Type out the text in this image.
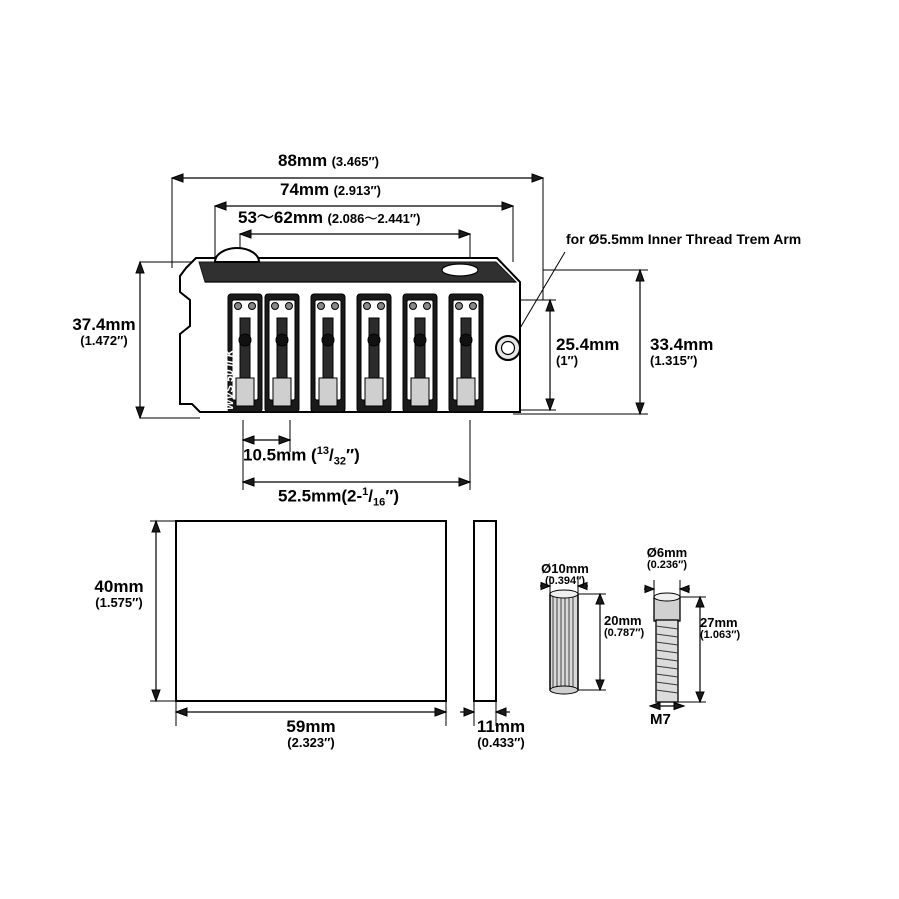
88mm (3.465″)
74mm (2.913″)
53～62mm (2.086～2.441″)
37.4mm
(1.472″)	25.4mm
(1″)
33.4mm
(1.315″)
for Ø5.5mm Inner Thread Trem Arm
10.5mm $(^{13}/_{32}'')$
$52.5mm(2-^1/_{16}'')$
40mm
(1.575″)
59mm
(2.323″)
11mm
(0.433″)
Ø10mm
(0.394″)
20mm
(0.787″)
Ø6mm
(0.236″)
27mm
(1.063″)
M7
Wilkinson WVS 50 II K
